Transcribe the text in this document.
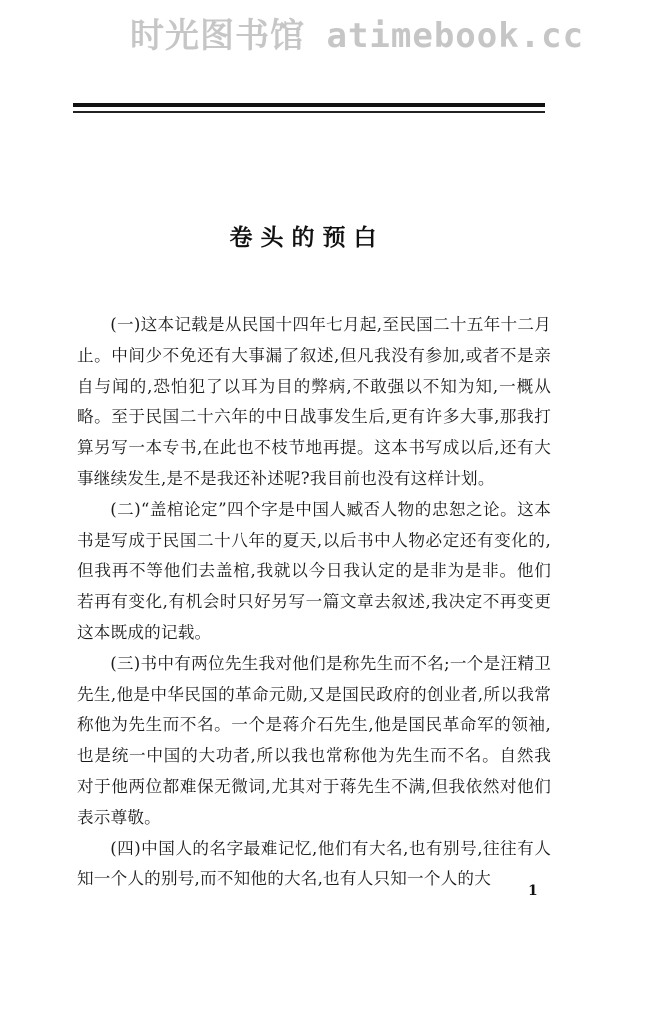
时光图书馆 atimebook.cc
卷头的预白

(一)这本记载是从民国十四年七月起,至民国二十五年十二月止。中间少不免还有大事漏了叙述,但凡我没有参加,或者不是亲自与闻的,恐怕犯了以耳为目的弊病,不敢强以不知为知,一概从略。至于民国二十六年的中日战事发生后,更有许多大事,那我打算另写一本专书,在此也不枝节地再提。这本书写成以后,还有大事继续发生,是不是我还补述呢?我目前也没有这样计划。

(二)“盖棺论定”四个字是中国人臧否人物的忠恕之论。这本书是写成于民国二十八年的夏天,以后书中人物必定还有变化的,但我再不等他们去盖棺,我就以今日我认定的是非为是非。他们若再有变化,有机会时只好另写一篇文章去叙述,我决定不再变更这本既成的记载。

(三)书中有两位先生我对他们是称先生而不名;一个是汪精卫先生,他是中华民国的革命元勋,又是国民政府的创业者,所以我常称他为先生而不名。一个是蒋介石先生,他是国民革命军的领袖,也是统一中国的大功者,所以我也常称他为先生而不名。自然我对于他两位都难保无微词,尤其对于蒋先生不满,但我依然对他们表示尊敬。

(四)中国人的名字最难记忆,他们有大名,也有别号,往往有人知一个人的别号,而不知他的大名,也有人只知一个人的大

1
